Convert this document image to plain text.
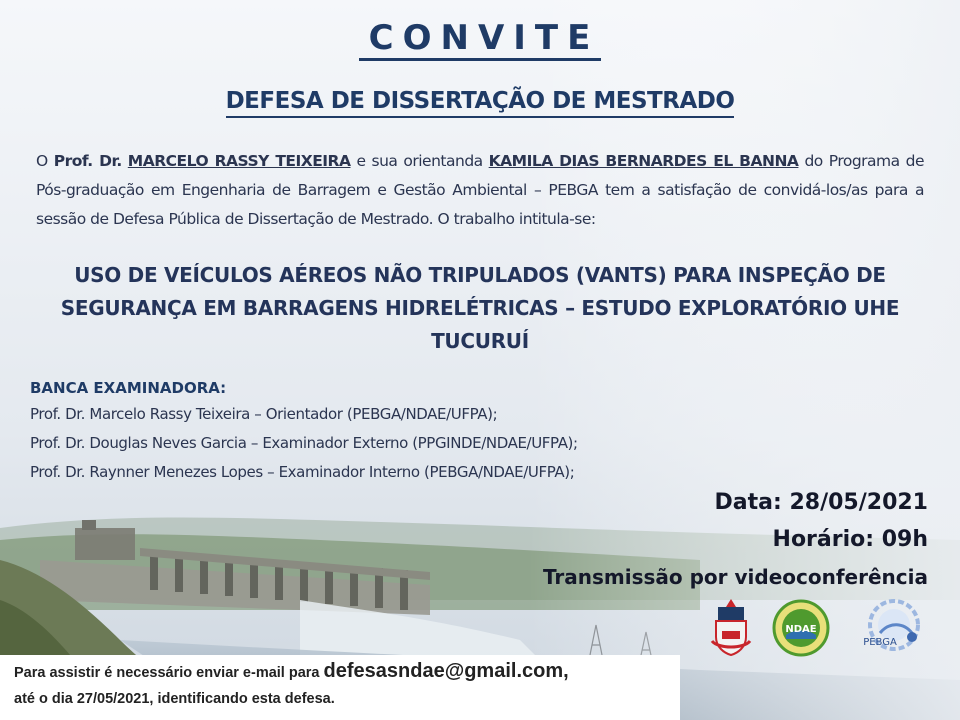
CONVITE
DEFESA DE DISSERTAÇÃO DE MESTRADO
O Prof. Dr. MARCELO RASSY TEIXEIRA e sua orientanda KAMILA DIAS BERNARDES EL BANNA do Programa de Pós-graduação em Engenharia de Barragem e Gestão Ambiental – PEBGA tem a satisfação de convidá-los/as para a sessão de Defesa Pública de Dissertação de Mestrado. O trabalho intitula-se:
USO DE VEÍCULOS AÉREOS NÃO TRIPULADOS (VANTS) PARA INSPEÇÃO DE SEGURANÇA EM BARRAGENS HIDRELÉTRICAS – ESTUDO EXPLORATÓRIO UHE TUCURUÍ
BANCA EXAMINADORA:
Prof. Dr. Marcelo Rassy Teixeira – Orientador (PEBGA/NDAE/UFPA);
Prof. Dr. Douglas Neves Garcia – Examinador Externo (PPGINDE/NDAE/UFPA);
Prof. Dr. Raynner Menezes Lopes – Examinador Interno (PEBGA/NDAE/UFPA);
Data: 28/05/2021
Horário: 09h
Transmissão por videoconferência
NDAE
PEBGA
Para assistir é necessário enviar e-mail para defesasndae@gmail.com,
até o dia 27/05/2021, identificando esta defesa.
